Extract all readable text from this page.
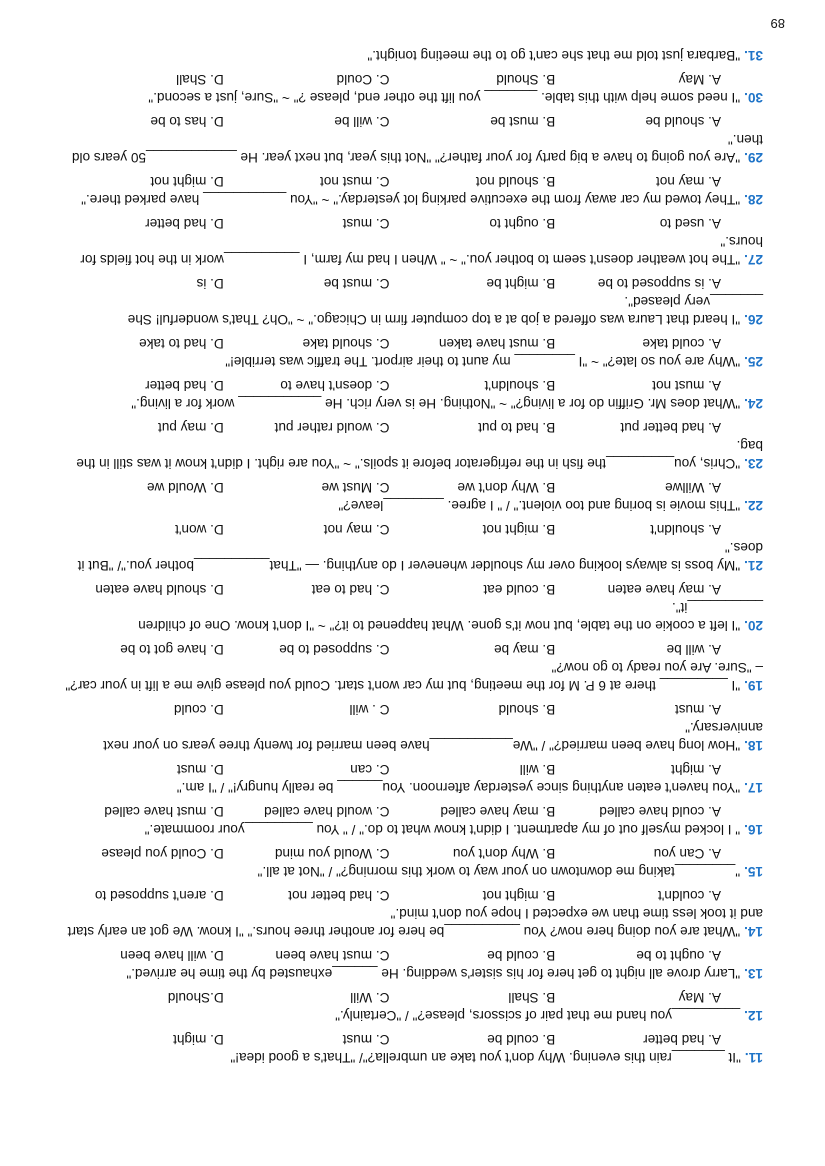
11."It _______rain this evening. Why don't you take an umbrella?"/ "That's a good idea!"
A. had better
B. could be
C. must
D. might
12._________you hand me that pair of scissors, please?" / "Certainly."
A. May
B. Shall
C. Will
D.Should
13."Larry drove all night to get here for his sister's wedding. He ______exhausted by the time he arrived."
A. ought to be
B. could be
C. must have been
D. will have been
14."What are you doing here now? You __________be here for another three hours." "I know. We got an early start and it took less time than we expected I hope you don't mind."
A. couldn't
B. might not
C. had better not
D. aren't supposed to
15."________taking me downtown on your way to work this morning?" / "Not at all."
A. Can you
B. Why don't you
C. Would you mind
D. Could you please
16." I locked myself out of my apartment. I didn't know what to do." / " You _________your roommate."
A. could have called
B. may have called
C. would have called
D. must have called
17."You haven't eaten anything since yesterday afternoon. You______ be really hungry!" / "I am."
A. might
B. will
C. can
D. must
18."How long have been married?" / "We___________have been married for twenty three years on your next anniversary."
A. must
B. should
C . will
D. could
19."I _________ there at 6 P. M for the meeting, but my car won't start. Could you please give me a lift in your car?" – "Sure. Are you ready to go now?"
A. will be
B. may be
C. supposed to be
D. have got to be
20."I left a cookie on the table, but now it's gone. What happened to it?" ~ "I don't know. One of children __________it".
A. may have eaten
B. could eat
C. had to eat
D. should have eaten
21."My boss is always looking over my shoulder whenever I do anything. — "That__________bother you."/ "But it does."
A. shouldn't
B. might not
C. may not
D. won't
22."This movie is boring and too violent." / " I agree. ________leave?"
A. Willwe
B. Why don't we
C. Must we
D. Would we
23."Chris, you_________the fish in the refrigerator before it spoils." ~ "You are right. I didn't know it was still in the bag.
A. had better put
B. had to put
C. would rather put
D. may put
24."What does Mr. Griffin do for a living?" ~ "Nothing. He is very rich. He ___________ work for a living."
A. must not
B. shouldn't
C. doesn't have to
D. had better
25."Why are you so late?" ~ "I ________ my aunt to their airport. The traffic was terrible!"
A. could take
B. must have taken
C. should take
D. had to take
26."I heard that Laura was offered a job at a top computer firm in Chicago." ~ "Oh? That's wonderful! She _______very pleased".
A. is supposed to be
B. might be
C. must be
D. is
27."The hot weather doesn't seem to bother you." ~ " When I had my farm, I __________work in the hot fields for hours."
A. used to
B. ought to
C. must
D. had better
28."They towed my car away from the executive parking lot yesterday." ~ "You ___________ have parked there."
A. may not
B. should not
C. must not
D. might not
29."Are you going to have a big party for your father?" "Not this year, but next year. He ____________50 years old then."
A. should be
B. must be
C. will be
D. has to be
30."I need some help with this table. _______ you lift the other end, please ?" ~ "Sure, just a second."
A. May
B. Should
C. Could
D. Shall
31."Barbara just told me that she can't go to the meeting tonight."
89
